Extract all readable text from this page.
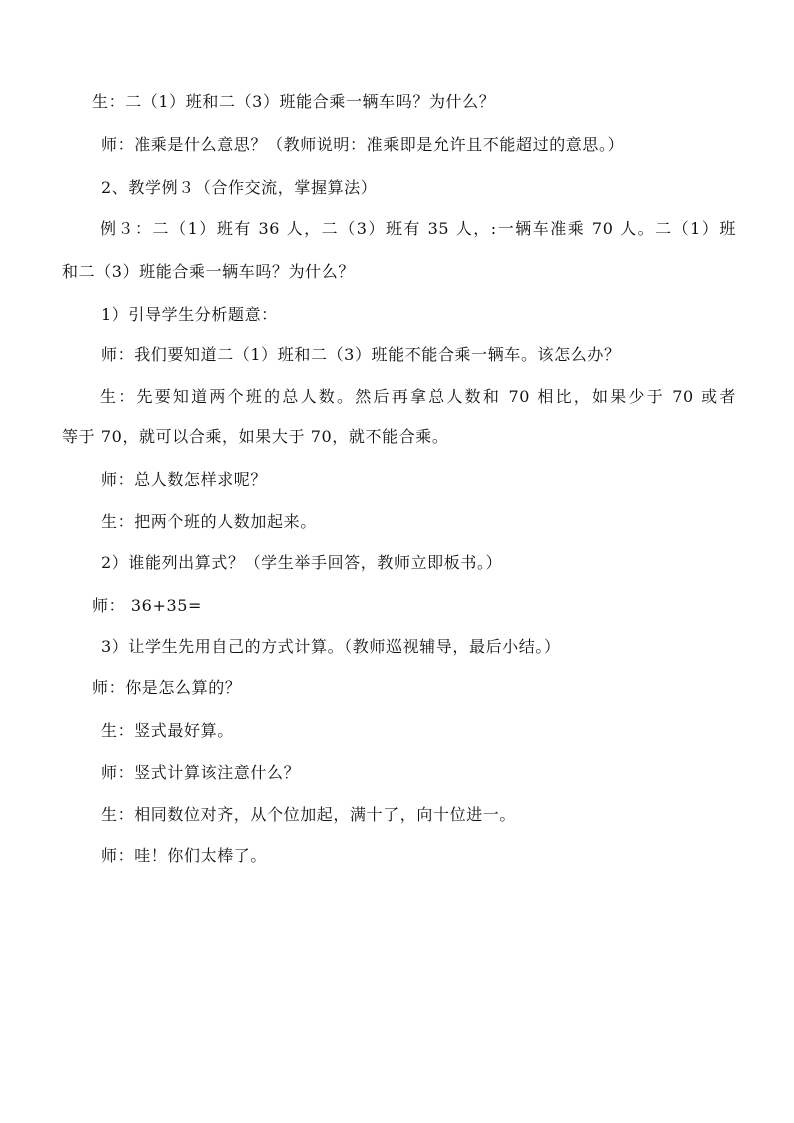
生：二（1）班和二（3）班能合乘一辆车吗？为什么？
师：准乘是什么意思？（教师说明：准乘即是允许且不能超过的意思。）
2、教学例３（合作交流，掌握算法）
例３：二（1）班有 36 人，二（3）班有 35 人，:一辆车准乘 70 人。二（1）班
和二（3）班能合乘一辆车吗？为什么？
1）引导学生分析题意：
师：我们要知道二（1）班和二（3）班能不能合乘一辆车。该怎么办？
生：先要知道两个班的总人数。然后再拿总人数和 70 相比，如果少于 70 或者
等于 70，就可以合乘，如果大于 70，就不能合乘。
师：总人数怎样求呢？
生：把两个班的人数加起来。
2）谁能列出算式？（学生举手回答，教师立即板书。）
师： 36+35=
3）让学生先用自己的方式计算。（教师巡视辅导，最后小结。）
师：你是怎么算的？
生：竖式最好算。
师：竖式计算该注意什么？
生：相同数位对齐，从个位加起，满十了，向十位进一。
师：哇！你们太棒了。
